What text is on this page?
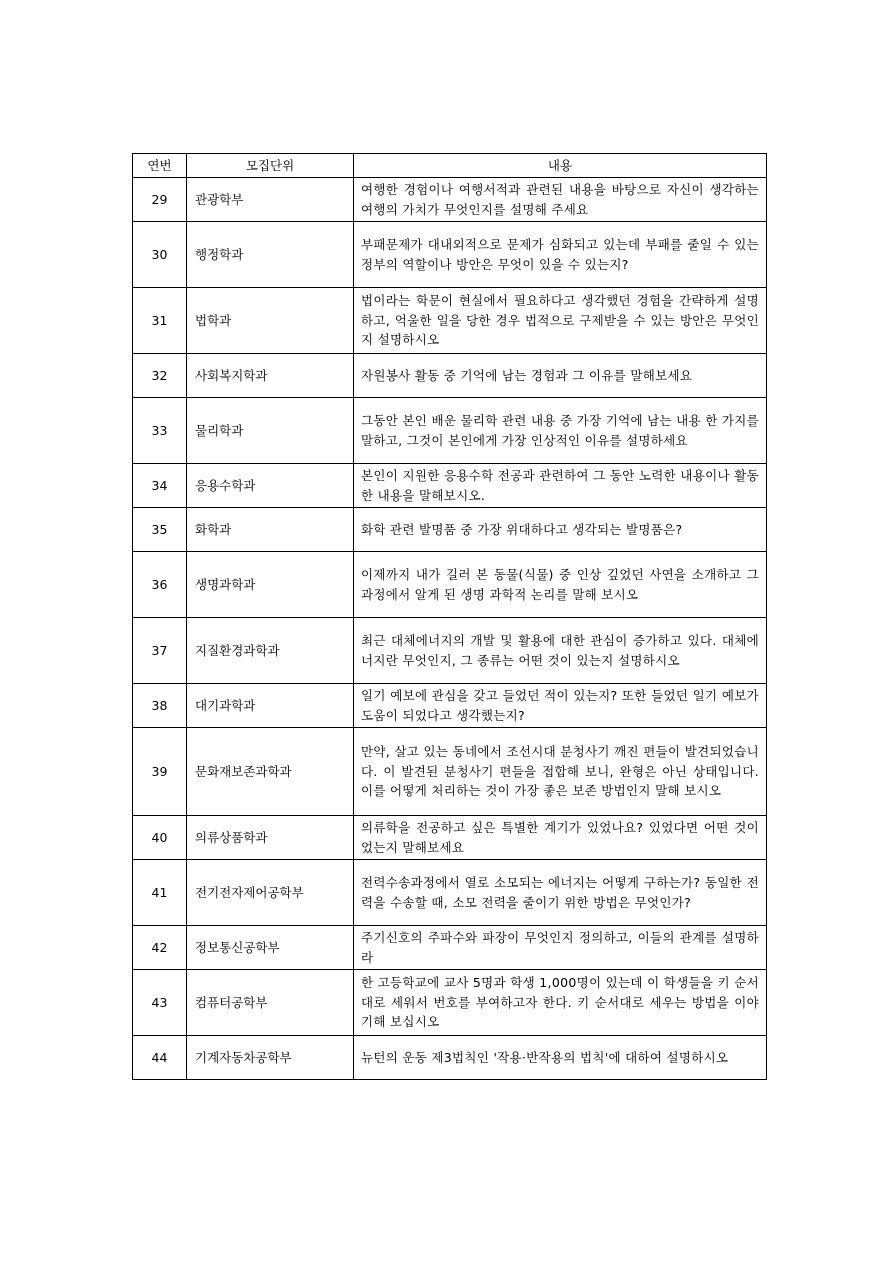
연번	모집단위	내용
29	관광학부	여행한 경험이나 여행서적과 관련된 내용을 바탕으로 자신이 생각하는 여행의 가치가 무엇인지를 설명해 주세요
30	행정학과	부패문제가 대내외적으로 문제가 심화되고 있는데 부패를 줄일 수 있는 정부의 역할이나 방안은 무엇이 있을 수 있는지?
31	법학과	법이라는 학문이 현실에서 필요하다고 생각했던 경험을 간략하게 설명하고, 억울한 일을 당한 경우 법적으로 구제받을 수 있는 방안은 무엇인지 설명하시오
32	사회복지학과	자원봉사 활동 중 기억에 남는 경험과 그 이유를 말해보세요
33	물리학과	그동안 본인 배운 물리학 관련 내용 중 가장 기억에 남는 내용 한 가지를 말하고, 그것이 본인에게 가장 인상적인 이유를 설명하세요
34	응용수학과	본인이 지원한 응용수학 전공과 관련하여 그 동안 노력한 내용이나 활동한 내용을 말해보시오.
35	화학과	화학 관련 발명품 중 가장 위대하다고 생각되는 발명품은?
36	생명과학과	이제까지 내가 길러 본 동물(식물) 중 인상 깊었던 사연을 소개하고 그 과정에서 알게 된 생명 과학적 논리를 말해 보시오
37	지질환경과학과	최근 대체에너지의 개발 및 활용에 대한 관심이 증가하고 있다. 대체에너지란 무엇인지, 그 종류는 어떤 것이 있는지 설명하시오
38	대기과학과	일기 예보에 관심을 갖고 들었던 적이 있는지? 또한 들었던 일기 예보가 도움이 되었다고 생각했는지?
39	문화재보존과학과	만약, 살고 있는 동네에서 조선시대 분청사기 깨진 편들이 발견되었습니다. 이 발견된 분청사기 편들을 접합해 보니, 완형은 아닌 상태입니다. 이를 어떻게 처리하는 것이 가장 좋은 보존 방법인지 말해 보시오
40	의류상품학과	의류학을 전공하고 싶은 특별한 계기가 있었나요? 있었다면 어떤 것이었는지 말해보세요
41	전기전자제어공학부	전력수송과정에서 열로 소모되는 에너지는 어떻게 구하는가? 동일한 전력을 수송할 때, 소모 전력을 줄이기 위한 방법은 무엇인가?
42	정보통신공학부	주기신호의 주파수와 파장이 무엇인지 정의하고, 이들의 관계를 설명하라
43	컴퓨터공학부	한 고등학교에 교사 5명과 학생 1,000명이 있는데 이 학생들을 키 순서대로 세워서 번호를 부여하고자 한다. 키 순서대로 세우는 방법을 이야기해 보십시오
44	기계자동차공학부	뉴턴의 운동 제3법칙인 '작용·반작용의 법칙'에 대하여 설명하시오
